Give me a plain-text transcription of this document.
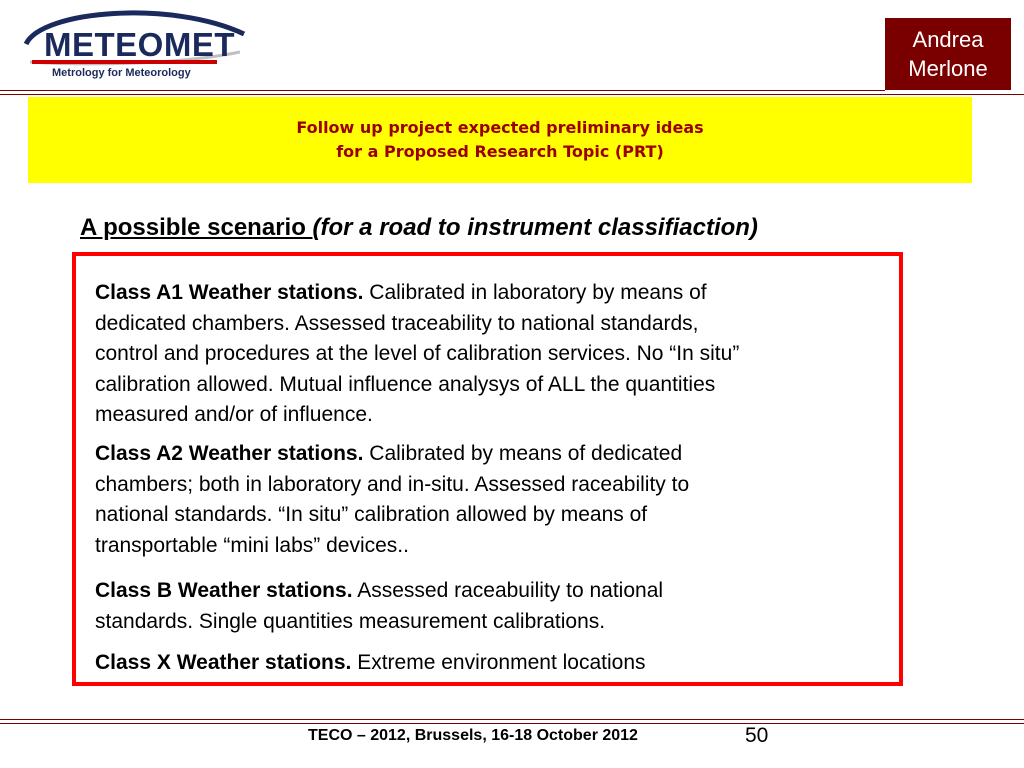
METEOMET
Metrology for Meteorology
Andrea
Merlone
Follow up project expected preliminary ideas
for a Proposed Research Topic (PRT)
A possible scenario (for a road to instrument classifiaction)
Class A1 Weather stations. Calibrated in laboratory by means of
dedicated chambers. Assessed traceability to national standards,
control and procedures at the level of calibration services. No “In situ”
calibration allowed. Mutual influence analysys of ALL the quantities
measured and/or of influence.
Class A2 Weather stations. Calibrated by means of dedicated
chambers; both in laboratory and in-situ. Assessed raceability to
national standards. “In situ” calibration allowed by means of
transportable “mini labs” devices..
Class B Weather stations. Assessed raceabuility to national
standards. Single quantities measurement calibrations.
Class X Weather stations. Extreme environment locations
TECO – 2012, Brussels, 16-18 October 2012	50
